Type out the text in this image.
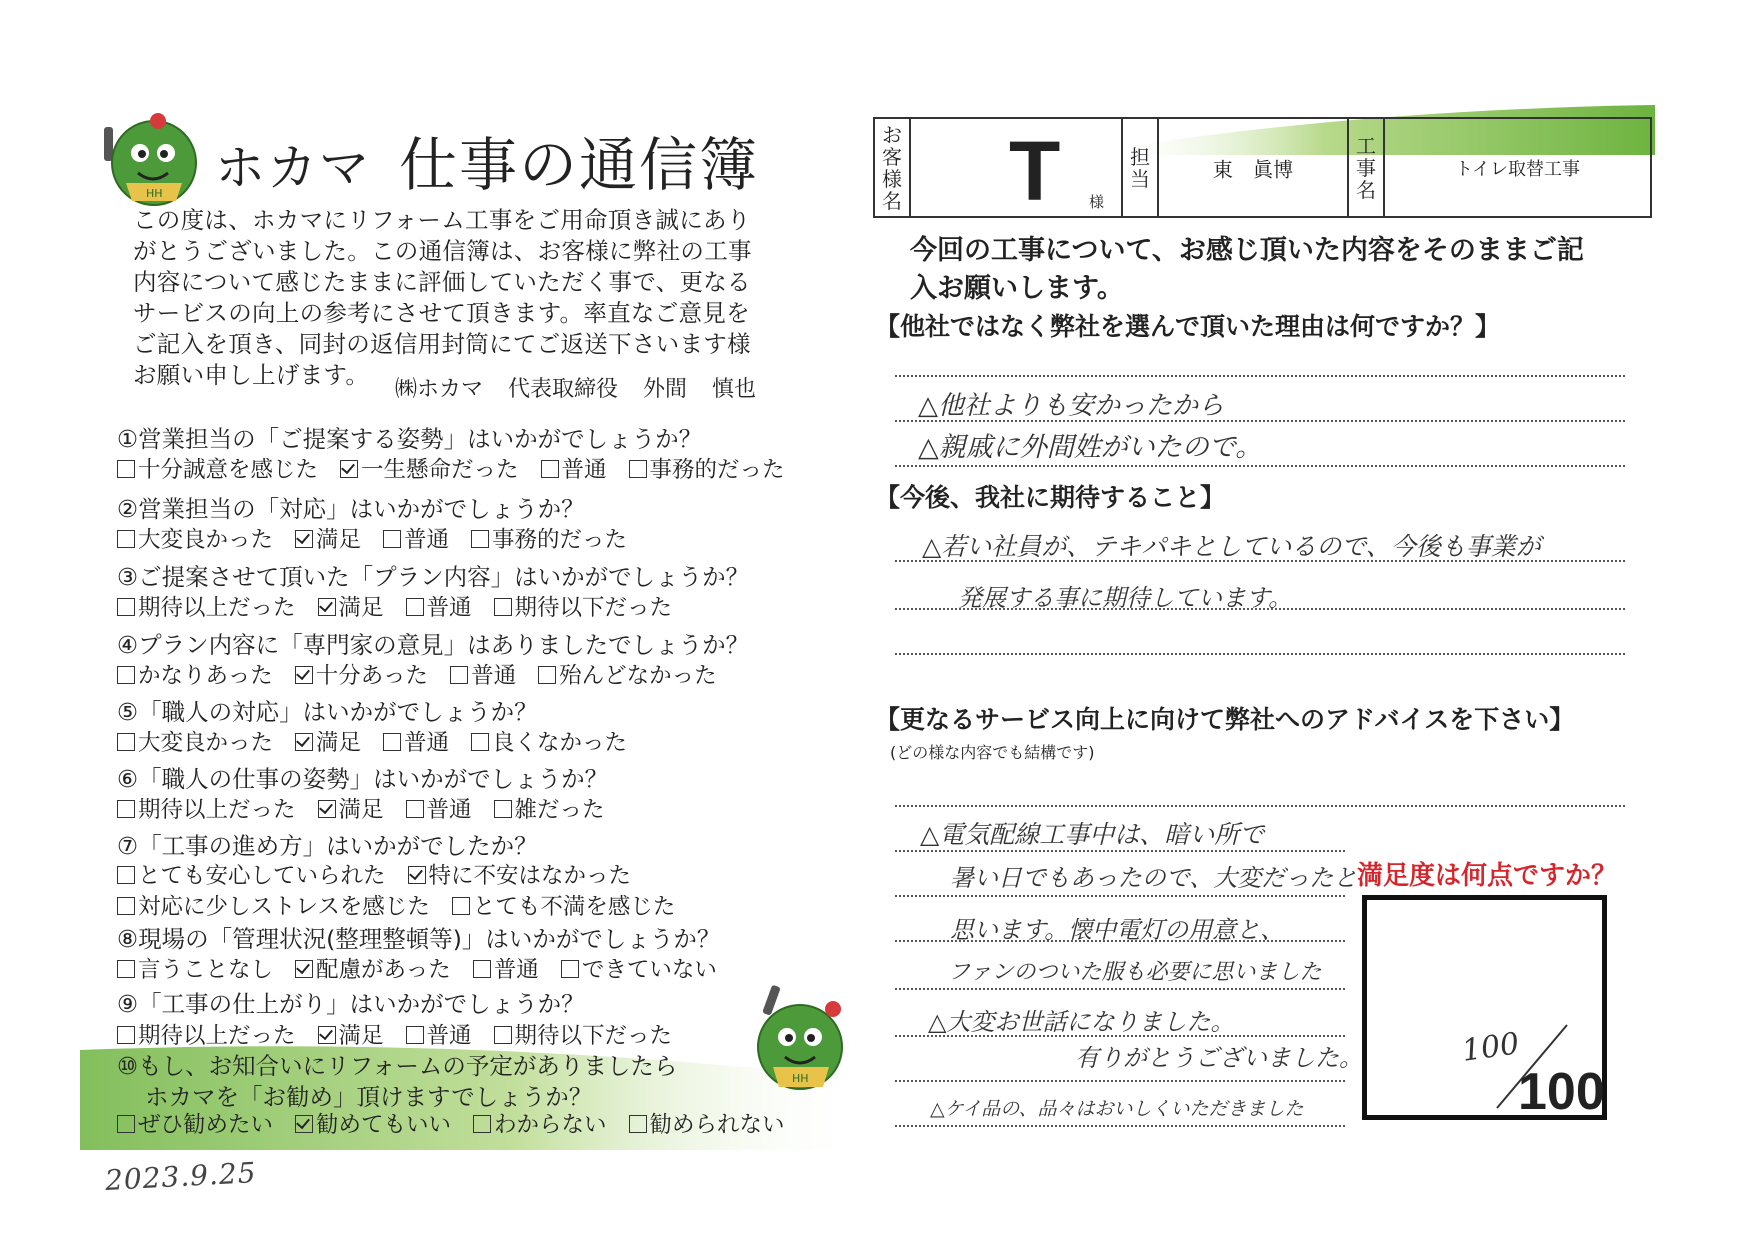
HH ホカマ 仕事の通信簿
この度は、ホカマにリフォーム工事をご用命頂き誠にありがとうございました。この通信簿は、お客様に弊社の工事内容について感じたままに評価していただく事で、更なるサービスの向上の参考にさせて頂きます。率直なご意見をご記入を頂き、同封の返信用封筒にてご返送下さいます様お願い申し上げます。
㈱ホカマ 代表取締役 外間 慎也
①営業担当の「ご提案する姿勢」はいかがでしょうか？
十分誠意を感じた 一生懸命だった 普通 事務的だった
②営業担当の「対応」はいかがでしょうか？
大変良かった 満足 普通 事務的だった
③ご提案させて頂いた「プラン内容」はいかがでしょうか？
期待以上だった 満足 普通 期待以下だった
④プラン内容に「専門家の意見」はありましたでしょうか？
かなりあった 十分あった 普通 殆んどなかった
⑤「職人の対応」はいかがでしょうか？
大変良かった 満足 普通 良くなかった
⑥「職人の仕事の姿勢」はいかがでしょうか？
期待以上だった 満足 普通 雑だった
⑦「工事の進め方」はいかがでしたか？
とても安心していられた 特に不安はなかった
対応に少しストレスを感じた とても不満を感じた
⑧現場の「管理状況(整理整頓等)」はいかがでしょうか？
言うことなし 配慮があった 普通 できていない
⑨「工事の仕上がり」はいかがでしょうか？
期待以上だった 満足 普通 期待以下だった
⑩もし、お知合いにリフォームの予定がありましたら
ホカマを「お勧め」頂けますでしょうか？
ぜひ勧めたい 勧めてもいい わからない 勧められない
HH
2023.9.25
お客様名 T 様
担当	東 眞博
工事名
トイレ取替工事
今回の工事について、お感じ頂いた内容をそのままご記入お願いします。
【他社ではなく弊社を選んで頂いた理由は何ですか？】
△他社よりも安かったから
△親戚に外間姓がいたので。
【今後、我社に期待すること】
△若い社員が、テキパキとしているので、今後も事業が
発展する事に期待しています。
【更なるサービス向上に向けて弊社へのアドバイスを下さい】
(どの様な内容でも結構です)
△電気配線工事中は、暗い所で
暑い日でもあったので、大変だったと
思います。懐中電灯の用意と、
ファンのついた服も必要に思いました
△大変お世話になりました。
有りがとうございました。
△ケイ品の、品々はおいしくいただきました
満足度は何点ですか？
100
100
